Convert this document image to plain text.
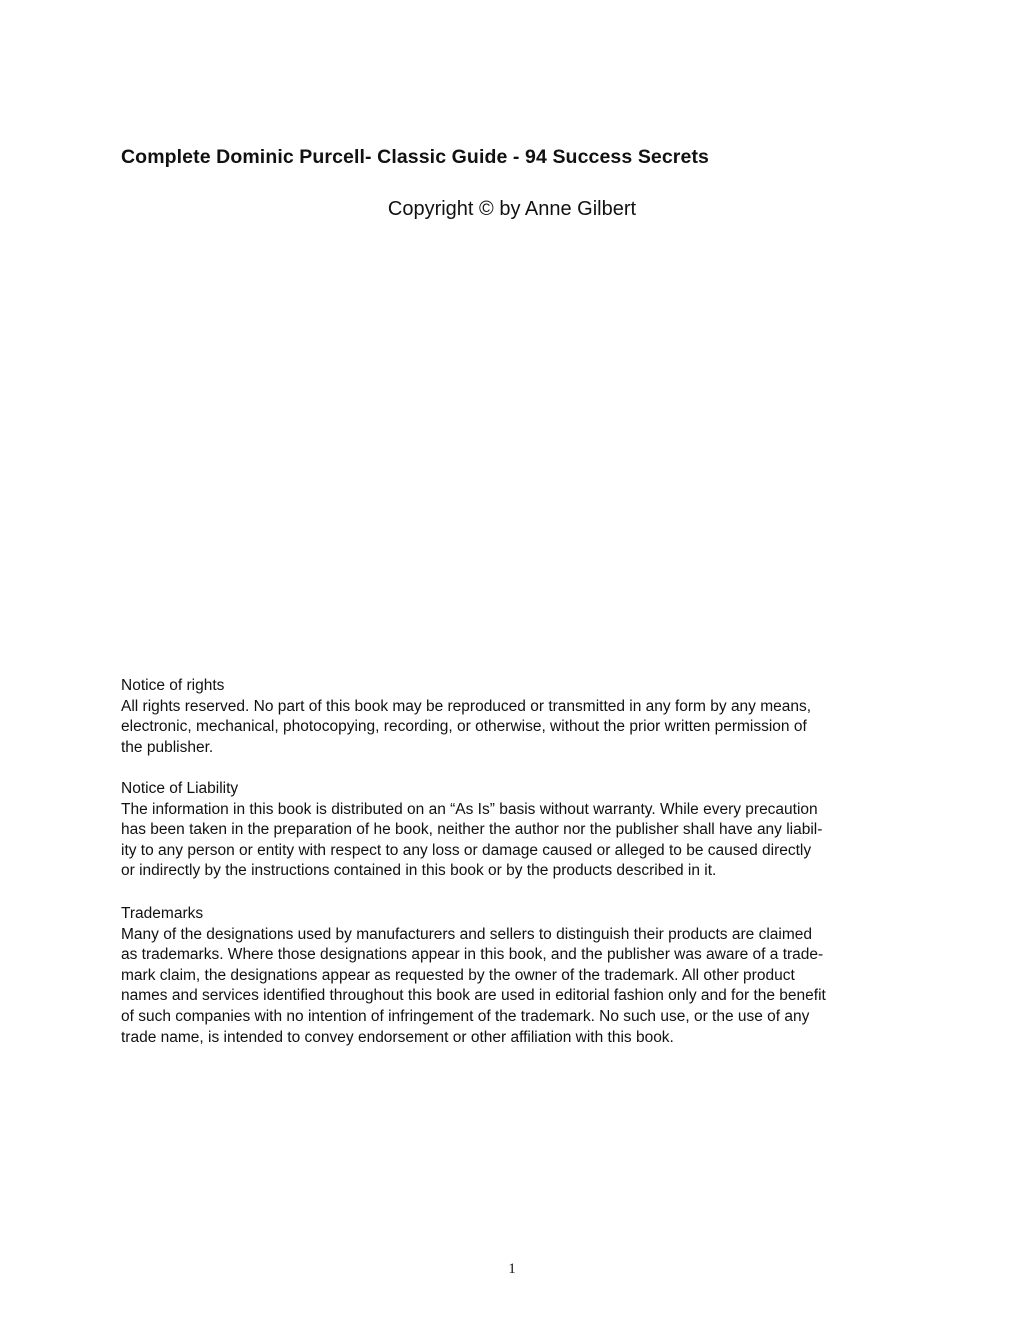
Complete Dominic Purcell- Classic Guide - 94 Success Secrets
Copyright © by Anne Gilbert
Notice of rights
All rights reserved. No part of this book may be reproduced or transmitted in any form by any means,
electronic, mechanical, photocopying, recording, or otherwise, without the prior written permission of
the publisher.
Notice of Liability
The information in this book is distributed on an “As Is” basis without warranty. While every precaution
has been taken in the preparation of he book, neither the author nor the publisher shall have any liabil-
ity to any person or entity with respect to any loss or damage caused or alleged to be caused directly
or indirectly by the instructions contained in this book or by the products described in it.
Trademarks
Many of the designations used by manufacturers and sellers to distinguish their products are claimed
as trademarks. Where those designations appear in this book, and the publisher was aware of a trade-
mark claim, the designations appear as requested by the owner of the trademark. All other product
names and services identified throughout this book are used in editorial fashion only and for the benefit
of such companies with no intention of infringement of the trademark. No such use, or the use of any
trade name, is intended to convey endorsement or other affiliation with this book.
1
